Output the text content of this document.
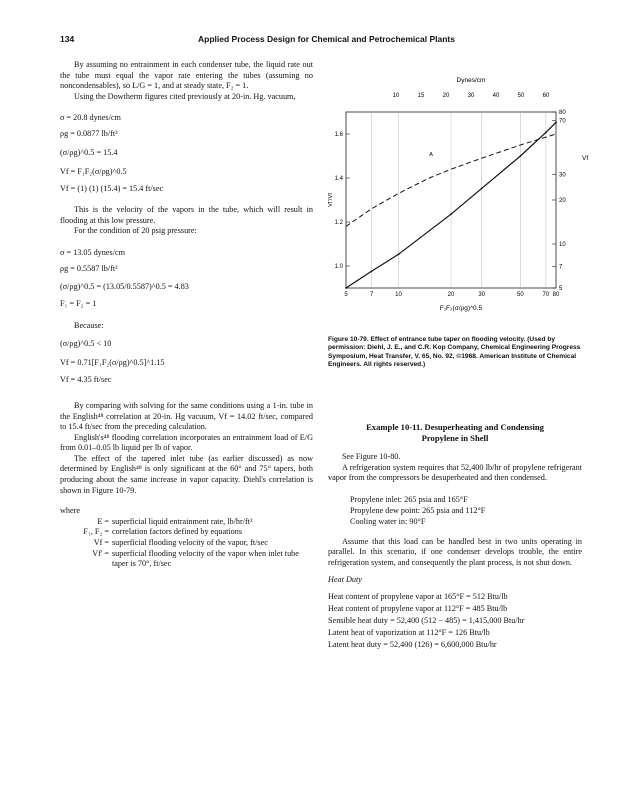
134	Applied Process Design for Chemical and Petrochemical Plants

By assuming no entrainment in each condenser tube, the liquid rate out the tube must equal the vapor rate entering the tubes (assuming no noncondensables), so L/G = 1, and at steady state, F₂ = 1.

Using the Dowtherm figures cited previously at 20-in. Hg. vacuum,

σ = 20.8 dynes/cm
ρg = 0.0877 lb/ft³
(σ/ρg)^0.5 = 15.4
Vf = F₁F₂(σ/ρg)^0.5
Vf = (1) (1) (15.4) = 15.4 ft/sec

This is the velocity of the vapors in the tube, which will result in flooding at this low pressure.

For the condition of 20 psig pressure:

σ = 13.05 dynes/cm
ρg = 0.5587 lb/ft³
(σ/ρg)^0.5 = (13.05/0.5587)^0.5 = 4.83
F₁ = F₂ = 1

Because:

(σ/ρg)^0.5 < 10
Vf = 0.71[F₁F₂(σ/ρg)^0.5]^1.15
Vf = 4.35 ft/sec

By comparing with solving for the same conditions using a 1-in. tube in the English⁴⁸ correlation at 20-in. Hg vacuum, Vf = 14.02 ft/sec, compared to 15.4 ft/sec from the preceding calculation.

English's⁴⁸ flooding correlation incorporates an entrainment load of E/G from 0.01–0.05 lb liquid per lb of vapor.

The effect of the tapered inlet tube (as earlier discussed) as now determined by English⁴⁸ is only significant at the 60° and 75° tapers, both producing about the same increase in vapor capacity. Diehl's correlation is shown in Figure 10-79.

where

E = superficial liquid entrainment rate, lb/hr/ft²
F₁, F₂ = correlation factors defined by equations
Vf = superficial flooding velocity of the vapor, ft/sec
Vf' = superficial flooding velocity of the vapor when inlet tube taper is 70°, ft/sec
Dynes/cm
10	15	20	30	40	50	60
1.6
1.4
1.2
1.0
80
70
30
20
10
7
5
5	7	10	20	30	50	70 80
Vf'/Vf
Vf
F₁F₂(σ/ρg)^0.5
A
Figure 10-79. Effect of entrance tube taper on flooding velocity. (Used by permission: Diehl, J. E., and C.R. Kop Company, Chemical Engineering Progress Symposium, Heat Transfer, V. 65, No. 92, ©1968. American Institute of Chemical Engineers. All rights reserved.)
Example 10-11. Desuperheating and Condensing
Propylene in Shell

See Figure 10-80.

A refrigeration system requires that 52,400 lb/hr of propylene refrigerant vapor from the compressors be desuperheated and then condensed.

Propylene inlet: 265 psia and 165°F
Propylene dew point: 265 psia and 112°F
Cooling water in: 90°F

Assume that this load can be handled best in two units operating in parallel. In this scenario, if one condenser develops trouble, the entire refrigeration system, and consequently the plant process, is not shut down.

Heat Duty

Heat content of propylene vapor at 165°F = 512 Btu/lb
Heat content of propylene vapor at 112°F = 485 Btu/lb
Sensible heat duty = 52,400 (512 − 485) = 1,415,000 Btu/hr
Latent heat of vaporization at 112°F = 126 Btu/lb
Latent heat duty = 52,400 (126) = 6,600,000 Btu/hr
